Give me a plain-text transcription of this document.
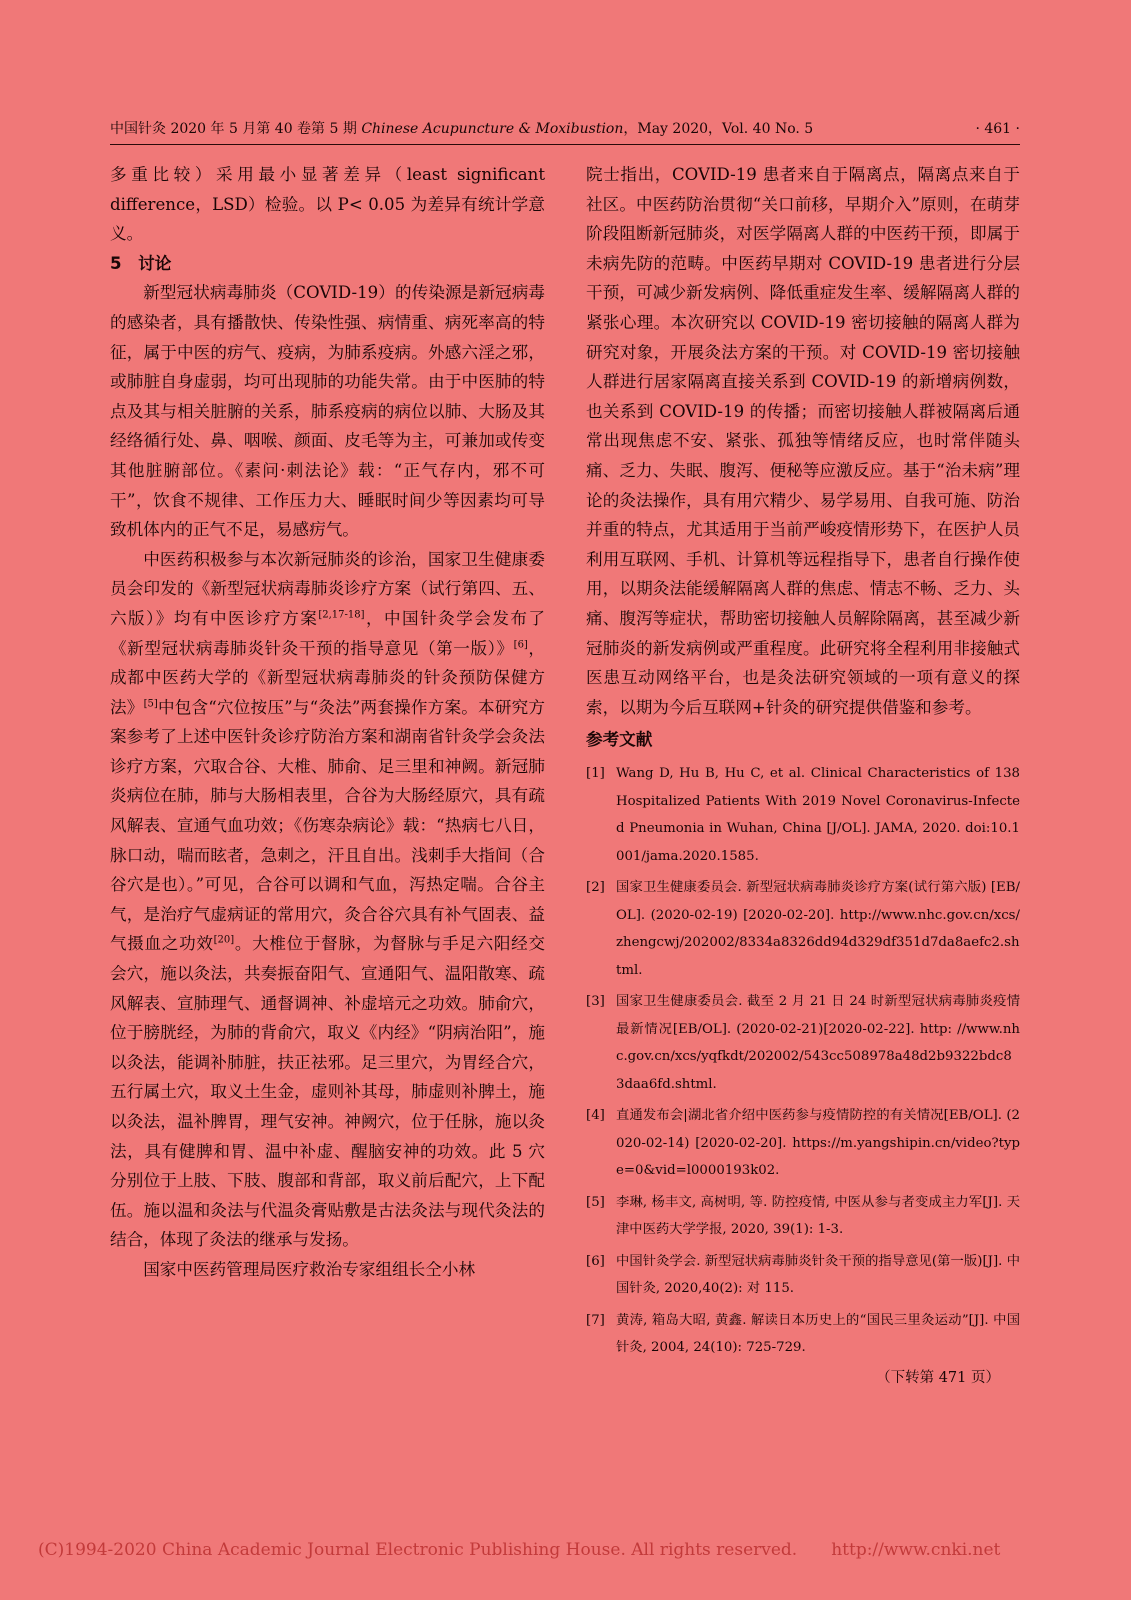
中国针灸 2020 年 5 月第 40 卷第 5 期 Chinese Acupuncture & Moxibustion，May 2020，Vol. 40 No. 5	· 461 ·

多重比较）采用最小显著差异（least significant difference，LSD）检验。以 P< 0.05 为差异有统计学意义。

5　讨论

新型冠状病毒肺炎（COVID-19）的传染源是新冠病毒的感染者，具有播散快、传染性强、病情重、病死率高的特征，属于中医的疠气、疫病，为肺系疫病。外感六淫之邪，或肺脏自身虚弱，均可出现肺的功能失常。由于中医肺的特点及其与相关脏腑的关系，肺系疫病的病位以肺、大肠及其经络循行处、鼻、咽喉、颜面、皮毛等为主，可兼加或传变其他脏腑部位。《素问·刺法论》载：“正气存内，邪不可干”，饮食不规律、工作压力大、睡眠时间少等因素均可导致机体内的正气不足，易感疠气。

中医药积极参与本次新冠肺炎的诊治，国家卫生健康委员会印发的《新型冠状病毒肺炎诊疗方案（试行第四、五、六版）》均有中医诊疗方案[2,17-18]，中国针灸学会发布了《新型冠状病毒肺炎针灸干预的指导意见（第一版）》[6]，成都中医药大学的《新型冠状病毒肺炎的针灸预防保健方法》[5]中包含“穴位按压”与“灸法”两套操作方案。本研究方案参考了上述中医针灸诊疗防治方案和湖南省针灸学会灸法诊疗方案，穴取合谷、大椎、肺俞、足三里和神阙。新冠肺炎病位在肺，肺与大肠相表里，合谷为大肠经原穴，具有疏风解表、宣通气血功效；《伤寒杂病论》载：“热病七八日，脉口动，喘而眩者，急刺之，汗且自出。浅刺手大指间（合谷穴是也）。”可见，合谷可以调和气血，泻热定喘。合谷主气，是治疗气虚病证的常用穴，灸合谷穴具有补气固表、益气摄血之功效[20]。大椎位于督脉，为督脉与手足六阳经交会穴，施以灸法，共奏振奋阳气、宣通阳气、温阳散寒、疏风解表、宣肺理气、通督调神、补虚培元之功效。肺俞穴，位于膀胱经，为肺的背俞穴，取义《内经》“阴病治阳”，施以灸法，能调补肺脏，扶正祛邪。足三里穴，为胃经合穴，五行属土穴，取义土生金，虚则补其母，肺虚则补脾土，施以灸法，温补脾胃，理气安神。神阙穴，位于任脉，施以灸法，具有健脾和胃、温中补虚、醒脑安神的功效。此 5 穴分别位于上肢、下肢、腹部和背部，取义前后配穴，上下配伍。施以温和灸法与代温灸膏贴敷是古法灸法与现代灸法的结合，体现了灸法的继承与发扬。

国家中医药管理局医疗救治专家组组长仝小林

院士指出，COVID-19 患者来自于隔离点，隔离点来自于社区。中医药防治贯彻“关口前移，早期介入”原则，在萌芽阶段阻断新冠肺炎，对医学隔离人群的中医药干预，即属于未病先防的范畴。中医药早期对 COVID-19 患者进行分层干预，可减少新发病例、降低重症发生率、缓解隔离人群的紧张心理。本次研究以 COVID-19 密切接触的隔离人群为研究对象，开展灸法方案的干预。对 COVID-19 密切接触人群进行居家隔离直接关系到 COVID-19 的新增病例数，也关系到 COVID-19 的传播；而密切接触人群被隔离后通常出现焦虑不安、紧张、孤独等情绪反应，也时常伴随头痛、乏力、失眠、腹泻、便秘等应激反应。基于“治未病”理论的灸法操作，具有用穴精少、易学易用、自我可施、防治并重的特点，尤其适用于当前严峻疫情形势下，在医护人员利用互联网、手机、计算机等远程指导下，患者自行操作使用，以期灸法能缓解隔离人群的焦虑、情志不畅、乏力、头痛、腹泻等症状，帮助密切接触人员解除隔离，甚至减少新冠肺炎的新发病例或严重程度。此研究将全程利用非接触式医患互动网络平台，也是灸法研究领域的一项有意义的探索，以期为今后互联网+针灸的研究提供借鉴和参考。

参考文献

[1] Wang D, Hu B, Hu C, et al. Clinical Characteristics of 138 Hospitalized Patients With 2019 Novel Coronavirus-Infected Pneumonia in Wuhan, China [J/OL]. JAMA, 2020. doi:10.1001/jama.2020.1585.
[2] 国家卫生健康委员会. 新型冠状病毒肺炎诊疗方案(试行第六版) [EB/OL]. (2020-02-19) [2020-02-20]. http://www.nhc.gov.cn/xcs/zhengcwj/202002/8334a8326dd94d329df351d7da8aefc2.shtml.
[3] 国家卫生健康委员会. 截至 2 月 21 日 24 时新型冠状病毒肺炎疫情最新情况[EB/OL]. (2020-02-21)[2020-02-22]. http: //www.nhc.gov.cn/xcs/yqfkdt/202002/543cc508978a48d2b9322bdc83daa6fd.shtml.
[4] 直通发布会|湖北省介绍中医药参与疫情防控的有关情况[EB/OL]. (2020-02-14) [2020-02-20]. https://m.yangshipin.cn/video?type=0&vid=l0000193k02.
[5] 李琳, 杨丰文, 高树明, 等. 防控疫情, 中医从参与者变成主力军[J]. 天津中医药大学学报, 2020, 39(1): 1-3.
[6] 中国针灸学会. 新型冠状病毒肺炎针灸干预的指导意见(第一版)[J]. 中国针灸, 2020,40(2): 对 115.
[7] 黄涛, 箱岛大昭, 黄鑫. 解读日本历史上的“国民三里灸运动”[J]. 中国针灸, 2004, 24(10): 725-729.
（下转第 471 页）
(C)1994-2020 China Academic Journal Electronic Publishing House. All rights reserved.　　http://www.cnki.net
